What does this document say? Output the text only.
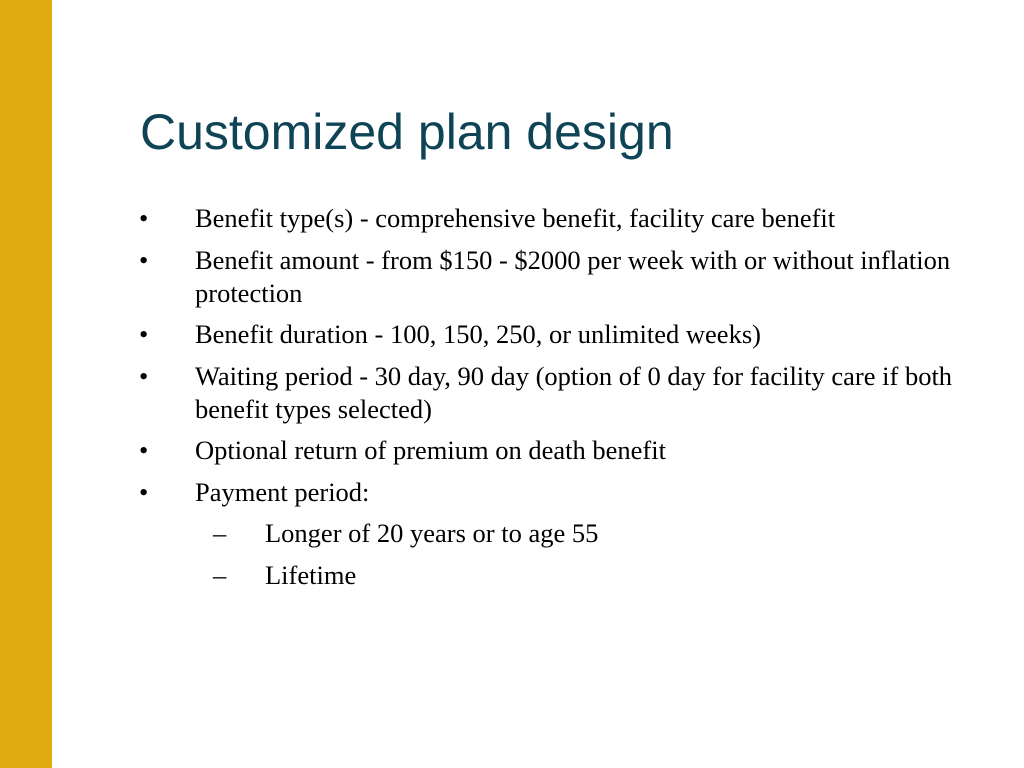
Customized plan design
•	Benefit type(s) - comprehensive benefit, facility care benefit
•	Benefit amount - from $150 - $2000 per week with or without inflation protection
•	Benefit duration - 100, 150, 250, or unlimited weeks)
•	Waiting period - 30 day, 90 day (option of 0 day for facility care if both benefit types selected)
•	Optional return of premium on death benefit
•	Payment period:
– Longer of 20 years or to age 55
– Lifetime
